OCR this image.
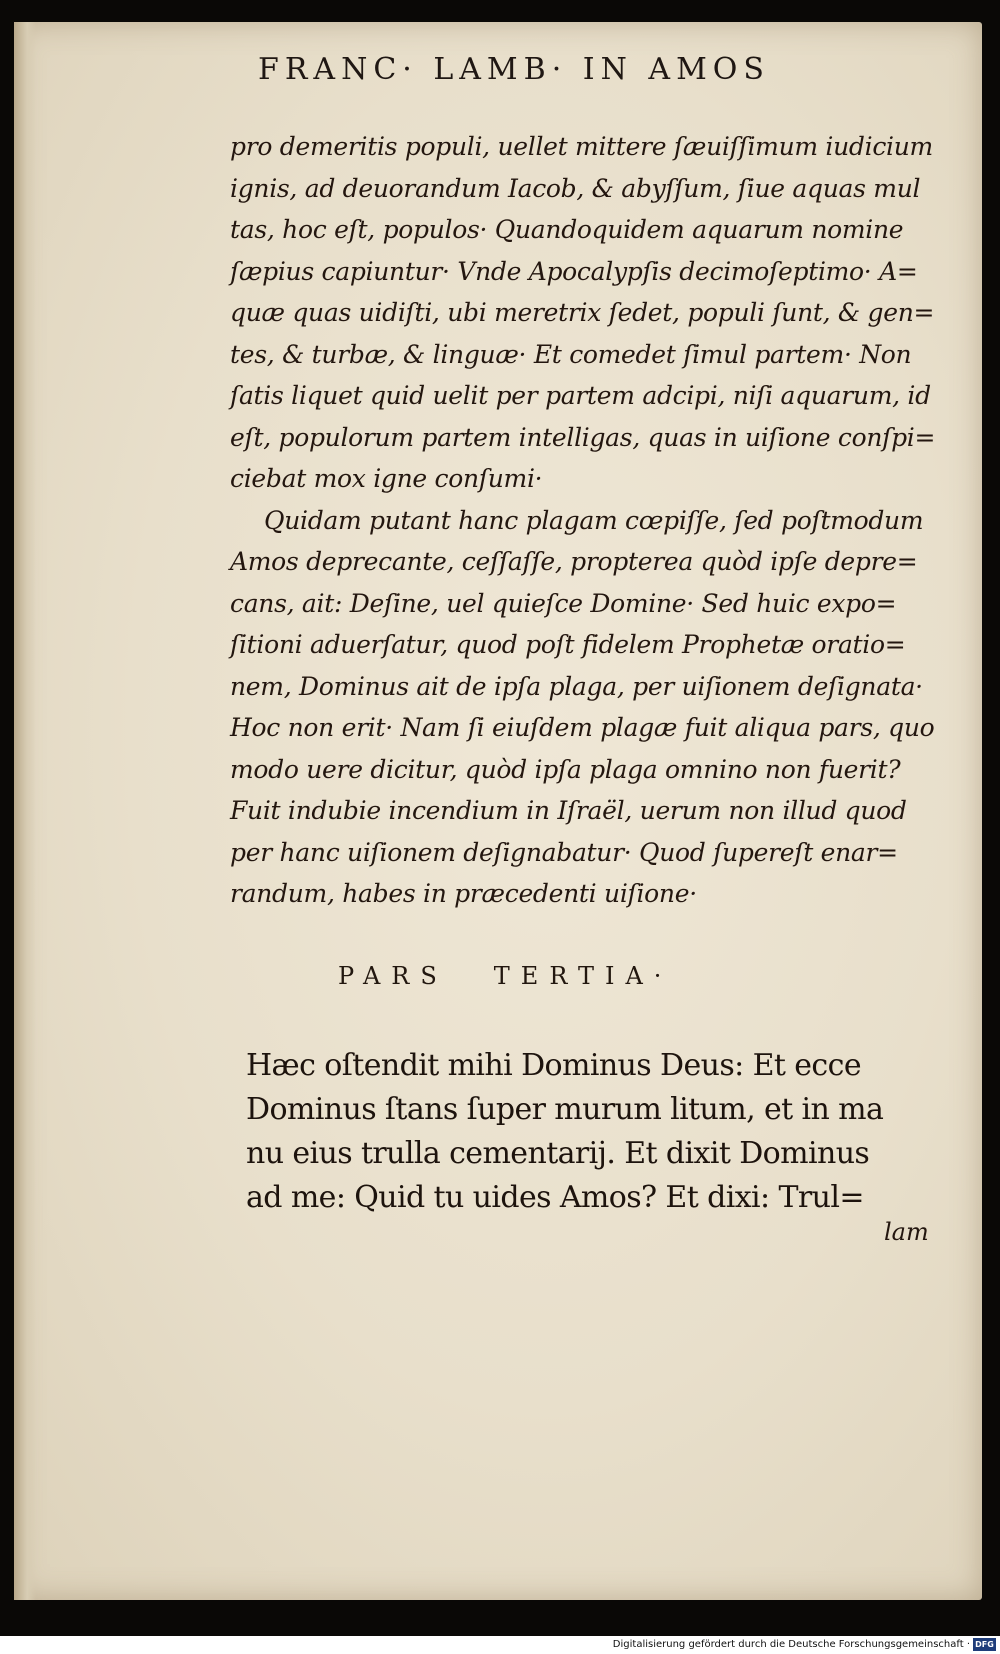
FRANC· LAMB· IN AMOS
pro demeritis populi, uellet mittere ſæuiſſimum iudicium
ignis, ad deuorandum Iacob, & abyſſum, ſiue aquas mul
tas, hoc eſt, populos· Quandoquidem aquarum nomine
ſæpius capiuntur· Vnde Apocalypſis decimoſeptimo· A=
quæ quas uidiſti, ubi meretrix ſedet, populi ſunt, & gen=
tes, & turbæ, & linguæ· Et comedet ſimul partem· Non
ſatis liquet quid uelit per partem adcipi, niſi aquarum, id
eſt, populorum partem intelligas, quas in uiſione conſpi=
ciebat mox igne conſumi·
Quidam putant hanc plagam cœpiſſe, ſed poſtmodum
Amos deprecante, ceſſaſſe, propterea quòd ipſe depre=
cans, ait: Deſine, uel quieſce Domine· Sed huic expo=
ſitioni aduerſatur, quod poſt fidelem Prophetæ oratio=
nem, Dominus ait de ipſa plaga, per uiſionem deſignata·
Hoc non erit· Nam ſi eiuſdem plagæ fuit aliqua pars, quo
modo uere dicitur, quòd ipſa plaga omnino non fuerit?
Fuit indubie incendium in Iſraël, uerum non illud quod
per hanc uiſionem deſignabatur· Quod ſupereſt enar=
randum, habes in præcedenti uiſione·
PARS TERTIA·
Hæc oſtendit mihi Dominus Deus: Et ecce
Dominus ſtans ſuper murum litum, et in ma
nu eius trulla cementarij. Et dixit Dominus
ad me: Quid tu uides Amos? Et dixi: Trul=
lam
Digitalisierung gefördert durch die Deutsche Forschungsgemeinschaft · DFG
